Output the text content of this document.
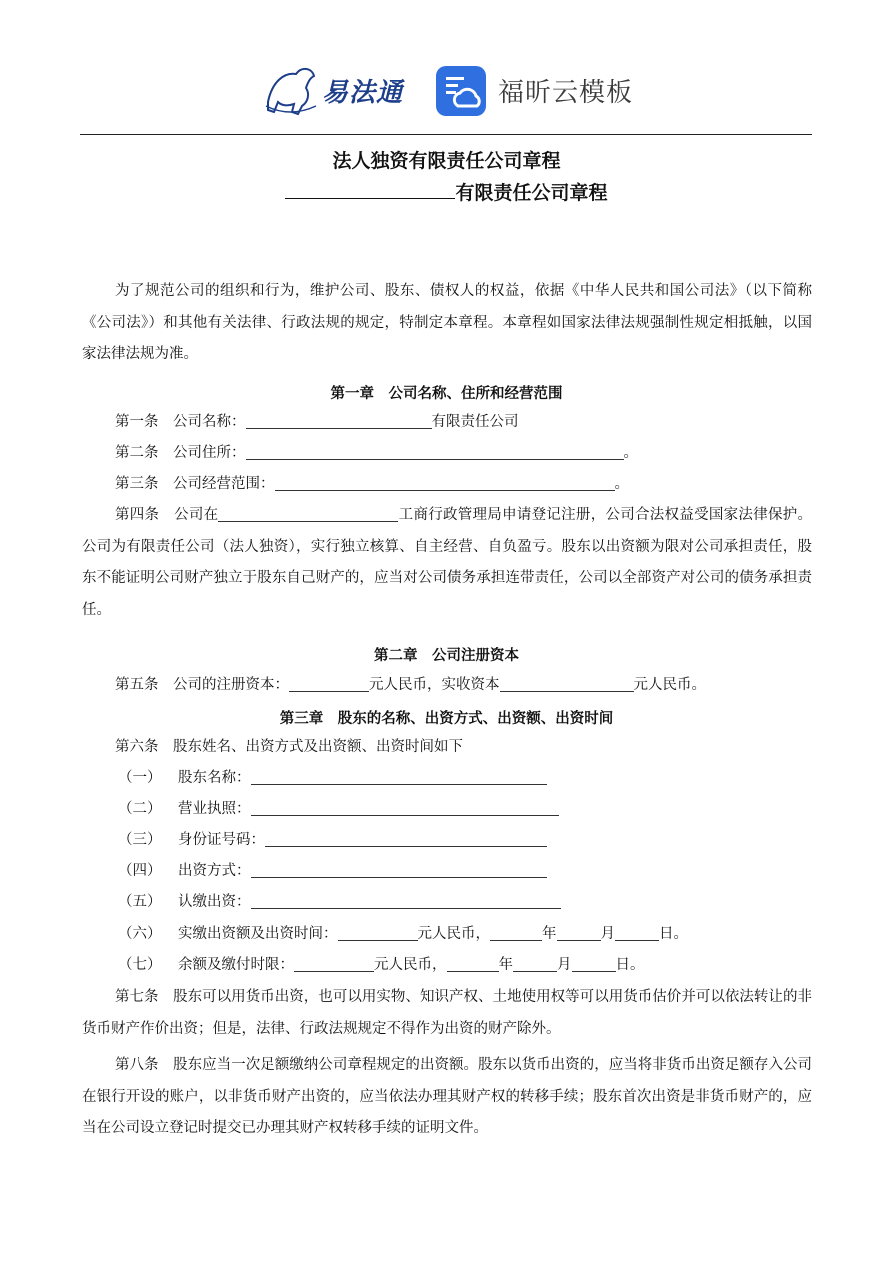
易法通	福昕云模板
法人独资有限责任公司章程
有限责任公司章程

为了规范公司的组织和行为，维护公司、股东、债权人的权益，依据《中华人民共和国公司法》（以下简称《公司法》）和其他有关法律、行政法规的规定，特制定本章程。本章程如国家法律法规强制性规定相抵触，以国家法律法规为准。

第一章　公司名称、住所和经营范围
第一条　公司名称：	有限责任公司
第二条　公司住所：	。
第三条　公司经营范围：	。

第四条　公司在	工商行政管理局申请登记注册，公司合法权益受国家法律保护。公司为有限责任公司（法人独资），实行独立核算、自主经营、自负盈亏。股东以出资额为限对公司承担责任，股东不能证明公司财产独立于股东自己财产的，应当对公司债务承担连带责任，公司以全部资产对公司的债务承担责任。

第二章　公司注册资本
第五条　公司的注册资本：	元人民币，实收资本	元人民币。
第三章　股东的名称、出资方式、出资额、出资时间
第六条　股东姓名、出资方式及出资额、出资时间如下
（一） 股东名称：
（二） 营业执照：
（三） 身份证号码：
（四） 出资方式：
（五） 认缴出资：
（六） 实缴出资额及出资时间：	元人民币，	年	月	日。
（七） 余额及缴付时限：	元人民币，	年	月	日。

第七条　股东可以用货币出资，也可以用实物、知识产权、土地使用权等可以用货币估价并可以依法转让的非货币财产作价出资；但是，法律、行政法规规定不得作为出资的财产除外。

第八条　股东应当一次足额缴纳公司章程规定的出资额。股东以货币出资的，应当将非货币出资足额存入公司在银行开设的账户，以非货币财产出资的，应当依法办理其财产权的转移手续；股东首次出资是非货币财产的，应当在公司设立登记时提交已办理其财产权转移手续的证明文件。
